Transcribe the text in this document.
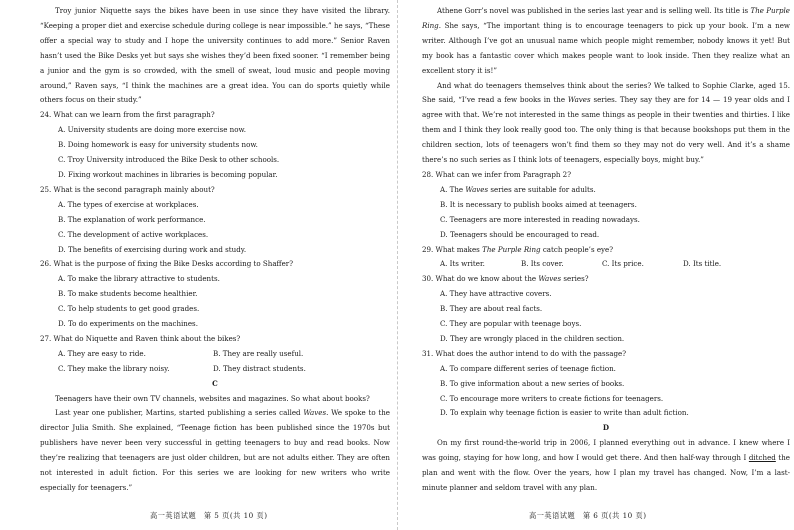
Troy junior Niquette says the bikes have been in use since they have visited the library. “Keeping a proper diet and exercise schedule during college is near impossible.” he says, “These offer a special way to study and I hope the university continues to add more.” Senior Raven hasn’t used the Bike Desks yet but says she wishes they’d been fixed sooner. “I remember being a junior and the gym is so crowded, with the smell of sweat, loud music and people moving around,” Raven says, “I think the machines are a great idea. You can do sports quietly while others focus on their study.”

24. What can we learn from the first paragraph?

A. University students are doing more exercise now.

B. Doing homework is easy for university students now.

C. Troy University introduced the Bike Desk to other schools.

D. Fixing workout machines in libraries is becoming popular.

25. What is the second paragraph mainly about?

A. The types of exercise at workplaces.

B. The explanation of work performance.

C. The development of active workplaces.

D. The benefits of exercising during work and study.

26. What is the purpose of fixing the Bike Desks according to Shaffer?

A. To make the library attractive to students.

B. To make students become healthier.

C. To help students to get good grades.

D. To do experiments on the machines.

27. What do Niquette and Raven think about the bikes?

A. They are easy to ride.	B. They are really useful.
C. They make the library noisy.	D. They distract students.

C

Teenagers have their own TV channels, websites and magazines. So what about books?

Last year one publisher, Martins, started publishing a series called Waves. We spoke to the director Julia Smith. She explained, “Teenage fiction has been published since the 1970s but publishers have never been very successful in getting teenagers to buy and read books. Now they’re realizing that teenagers are just older children, but are not adults either. They are often not interested in adult fiction. For this series we are looking for new writers who write especially for teenagers.”

Athene Gorr’s novel was published in the series last year and is selling well. Its title is The Purple Ring. She says, “The important thing is to encourage teenagers to pick up your book. I’m a new writer. Although I’ve got an unusual name which people might remember, nobody knows it yet! But my book has a fantastic cover which makes people want to look inside. Then they realize what an excellent story it is!”

And what do teenagers themselves think about the series? We talked to Sophie Clarke, aged 15. She said, “I’ve read a few books in the Waves series. They say they are for 14 — 19 year olds and I agree with that. We’re not interested in the same things as people in their twenties and thirties. I like them and I think they look really good too. The only thing is that because bookshops put them in the children section, lots of teenagers won’t find them so they may not do very well. And it’s a shame there’s no such series as I think lots of teenagers, especially boys, might buy.”

28. What can we infer from Paragraph 2?

A. The Waves series are suitable for adults.

B. It is necessary to publish books aimed at teenagers.

C. Teenagers are more interested in reading nowadays.

D. Teenagers should be encouraged to read.

29. What makes The Purple Ring catch people’s eye?

A. Its writer.	B. Its cover.	C. Its price.	D. Its title.

30. What do we know about the Waves series?

A. They have attractive covers.

B. They are about real facts.

C. They are popular with teenage boys.

D. They are wrongly placed in the children section.

31. What does the author intend to do with the passage?

A. To compare different series of teenage fiction.

B. To give information about a new series of books.

C. To encourage more writers to create fictions for teenagers.

D. To explain why teenage fiction is easier to write than adult fiction.

D

On my first round-the-world trip in 2006, I planned everything out in advance. I knew where I was going, staying for how long, and how I would get there. And then half-way through I ditched the plan and went with the flow. Over the years, how I plan my travel has changed. Now, I’m a last-minute planner and seldom travel with any plan.

高一英语试题　第 5 页(共 10 页)	高一英语试题　第 6 页(共 10 页)
